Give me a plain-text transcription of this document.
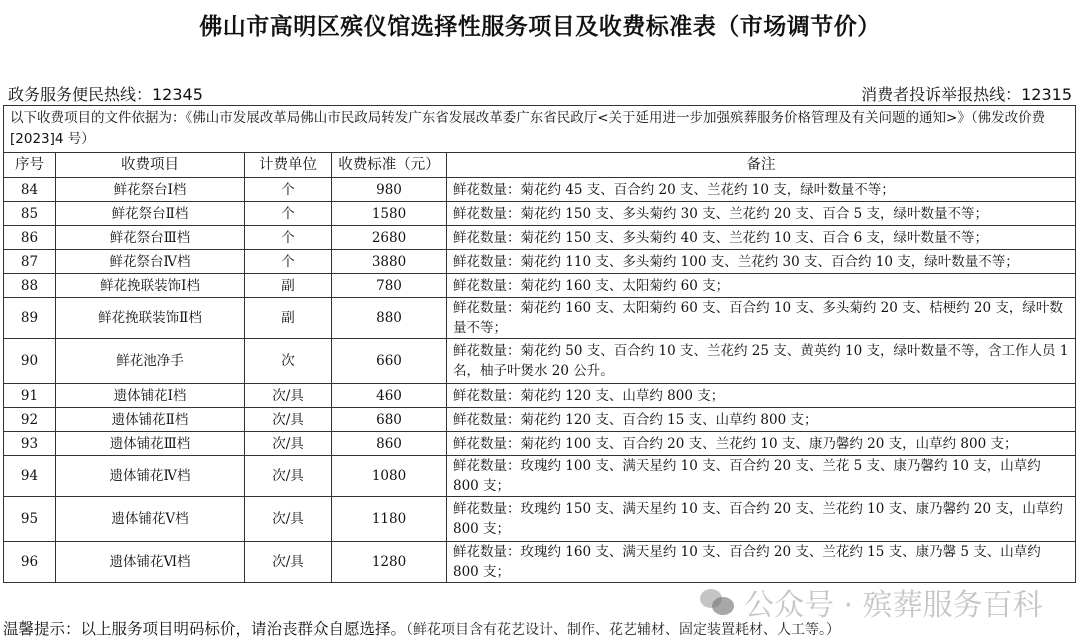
佛山市高明区殡仪馆选择性服务项目及收费标准表（市场调节价）
政务服务便民热线：12345	消费者投诉举报热线：12315
以下收费项目的文件依据为：《佛山市发展改革局佛山市民政局转发广东省发展改革委广东省民政厅<关于延用进一步加强殡葬服务价格管理及有关问题的通知>》（佛发改价费[2023]4 号）				
序号	收费项目	计费单位	收费标准（元）	备注
84	鲜花祭台Ⅰ档	个	980	鲜花数量：菊花约 45 支、百合约 20 支、兰花约 10 支，绿叶数量不等；
85	鲜花祭台Ⅱ档	个	1580	鲜花数量：菊花约 150 支、多头菊约 30 支、兰花约 20 支、百合 5 支，绿叶数量不等；
86	鲜花祭台Ⅲ档	个	2680	鲜花数量：菊花约 150 支、多头菊约 40 支、兰花约 10 支、百合 6 支，绿叶数量不等；
87	鲜花祭台Ⅳ档	个	3880	鲜花数量：菊花约 110 支、多头菊约 100 支、兰花约 30 支、百合约 10 支，绿叶数量不等；
88	鲜花挽联装饰Ⅰ档	副	780	鲜花数量：菊花约 160 支、太阳菊约 60 支；
89	鲜花挽联装饰Ⅱ档	副	880	鲜花数量：菊花约 160 支、太阳菊约 60 支、百合约 10 支、多头菊约 20 支、桔梗约 20 支，绿叶数量不等；
90	鲜花池净手	次	660	鲜花数量：菊花约 50 支、百合约 10 支、兰花约 25 支、黄英约 10 支，绿叶数量不等，含工作人员 1 名，柚子叶煲水 20 公升。
91	遗体铺花Ⅰ档	次/具	460	鲜花数量：菊花约 120 支、山草约 800 支；
92	遗体铺花Ⅱ档	次/具	680	鲜花数量：菊花约 120 支、百合约 15 支、山草约 800 支；
93	遗体铺花Ⅲ档	次/具	860	鲜花数量：菊花约 100 支、百合约 20 支、兰花约 10 支、康乃馨约 20 支，山草约 800 支；
94	遗体铺花Ⅳ档	次/具	1080	鲜花数量：玫瑰约 100 支、满天星约 10 支、百合约 20 支、兰花 5 支、康乃馨约 10 支，山草约 800 支；
95	遗体铺花Ⅴ档	次/具	1180	鲜花数量：玫瑰约 150 支、满天星约 10 支、百合约 20 支、兰花约 10 支、康乃馨约 20 支，山草约 800 支；
96	遗体铺花Ⅵ档	次/具	1280	鲜花数量：玫瑰约 160 支、满天星约 10 支、百合约 20 支、兰花约 15 支、康乃馨 5 支、山草约 800 支；
温馨提示：以上服务项目明码标价，请治丧群众自愿选择。（鲜花项目含有花艺设计、制作、花艺辅材、固定装置耗材、人工等。）
公众号 · 殡葬服务百科
